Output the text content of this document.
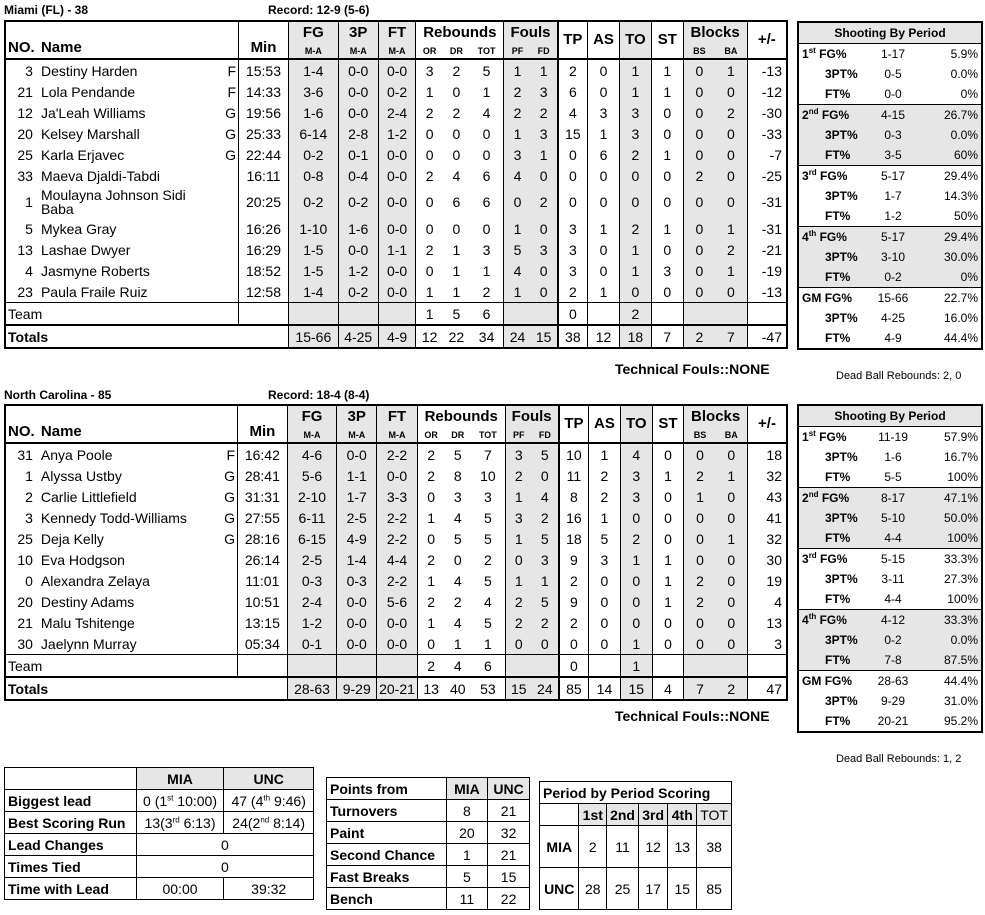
Miami (FL) - 38	Record: 12-9 (5-6)
NO.	Name	Min	FG	3P	FT	Rebounds			Fouls		TP	AS	TO	ST	Blocks		+/-
			M-A	M-A	M-A	OR	DR	TOT	PF	FD					BS	BA	
3	Destiny Harden F	15:53	1-4	0-0	0-0	3	2	5	1	1	2	0	1	1	0	1	-13
21	Lola Pendande F	14:33	3-6	0-0	0-2	1	0	1	2	3	6	0	1	1	0	0	-12
12	Ja'Leah Williams G	19:56	1-6	0-0	2-4	2	2	4	2	2	4	3	3	0	0	2	-30
20	Kelsey Marshall G	25:33	6-14	2-8	1-2	0	0	0	1	3	15	1	3	0	0	0	-33
25	Karla Erjavec G	22:44	0-2	0-1	0-0	0	0	0	3	1	0	6	2	1	0	0	-7
33	Maeva Djaldi-Tabdi	16:11	0-8	0-4	0-0	2	4	6	4	0	0	0	0	0	2	0	-25
1	Moulayna Johnson Sidi Baba	20:25	0-2	0-2	0-0	0	6	6	0	2	0	0	0	0	0	0	-31
5	Mykea Gray	16:26	1-10	1-6	0-0	0	0	0	1	0	3	1	2	1	0	1	-31
13	Lashae Dwyer	16:29	1-5	0-0	1-1	2	1	3	5	3	3	0	1	0	0	2	-21
4	Jasmyne Roberts	18:52	1-5	1-2	0-0	0	1	1	4	0	3	0	1	3	0	1	-19
23	Paula Fraile Ruiz	12:58	1-4	0-2	0-0	1	1	2	1	0	2	1	0	0	0	0	-13
Team						1	5	6			0		2				
Totals			15-66	4-25	4-9	12	22	34	24	15	38	12	18	7	2	7	-47
Technical Fouls::NONE
Shooting By Period		
1st FG%	1-17	5.9%
3PT%	0-5	0.0%
FT%	0-0	0%
2nd FG%	4-15	26.7%
3PT%	0-3	0.0%
FT%	3-5	60%
3rd FG%	5-17	29.4%
3PT%	1-7	14.3%
FT%	1-2	50%
4th FG%	5-17	29.4%
3PT%	3-10	30.0%
FT%	0-2	0%
GM FG%	15-66	22.7%
3PT%	4-25	16.0%
FT%	4-9	44.4%
Dead Ball Rebounds: 2, 0
North Carolina - 85	Record: 18-4 (8-4)
NO.	Name	Min	FG	3P	FT	Rebounds			Fouls		TP	AS	TO	ST	Blocks		+/-
			M-A	M-A	M-A	OR	DR	TOT	PF	FD					BS	BA	
31	Anya Poole F	16:42	4-6	0-0	2-2	2	5	7	3	5	10	1	4	0	0	0	18
1	Alyssa Ustby G	28:41	5-6	1-1	0-0	2	8	10	2	0	11	2	3	1	2	1	32
2	Carlie Littlefield G	31:31	2-10	1-7	3-3	0	3	3	1	4	8	2	3	0	1	0	43
3	Kennedy Todd-Williams G	27:55	6-11	2-5	2-2	1	4	5	3	2	16	1	0	0	0	0	41
25	Deja Kelly G	28:16	6-15	4-9	2-2	0	5	5	1	5	18	5	2	0	0	1	32
10	Eva Hodgson	26:14	2-5	1-4	4-4	2	0	2	0	3	9	3	1	1	0	0	30
0	Alexandra Zelaya	11:01	0-3	0-3	2-2	1	4	5	1	1	2	0	0	1	2	0	19
20	Destiny Adams	10:51	2-4	0-0	5-6	2	2	4	2	5	9	0	0	1	2	0	4
21	Malu Tshitenge	13:15	1-2	0-0	0-0	1	4	5	2	2	2	0	0	0	0	0	13
30	Jaelynn Murray	05:34	0-1	0-0	0-0	0	1	1	0	0	0	0	1	0	0	0	3
Team						2	4	6			0		1				
Totals			28-63	9-29	20-21	13	40	53	15	24	85	14	15	4	7	2	47
Technical Fouls::NONE
Shooting By Period		
1st FG%	11-19	57.9%
3PT%	1-6	16.7%
FT%	5-5	100%
2nd FG%	8-17	47.1%
3PT%	5-10	50.0%
FT%	4-4	100%
3rd FG%	5-15	33.3%
3PT%	3-11	27.3%
FT%	4-4	100%
4th FG%	4-12	33.3%
3PT%	0-2	0.0%
FT%	7-8	87.5%
GM FG%	28-63	44.4%
3PT%	9-29	31.0%
FT%	20-21	95.2%
Dead Ball Rebounds: 1, 2
	MIA	UNC
Biggest lead	0 (1st 10:00)	47 (4th 9:46)
Best Scoring Run	13(3rd 6:13)	24(2nd 8:14)
Lead Changes	0	
Times Tied	0	
Time with Lead	00:00	39:32
Points from	MIA	UNC
Turnovers	8	21
Paint	20	32
Second Chance	1	21
Fast Breaks	5	15
Bench	11	22
Period by Period Scoring					
	1st	2nd	3rd	4th	TOT
MIA	2	11	12	13	38
UNC	28	25	17	15	85
